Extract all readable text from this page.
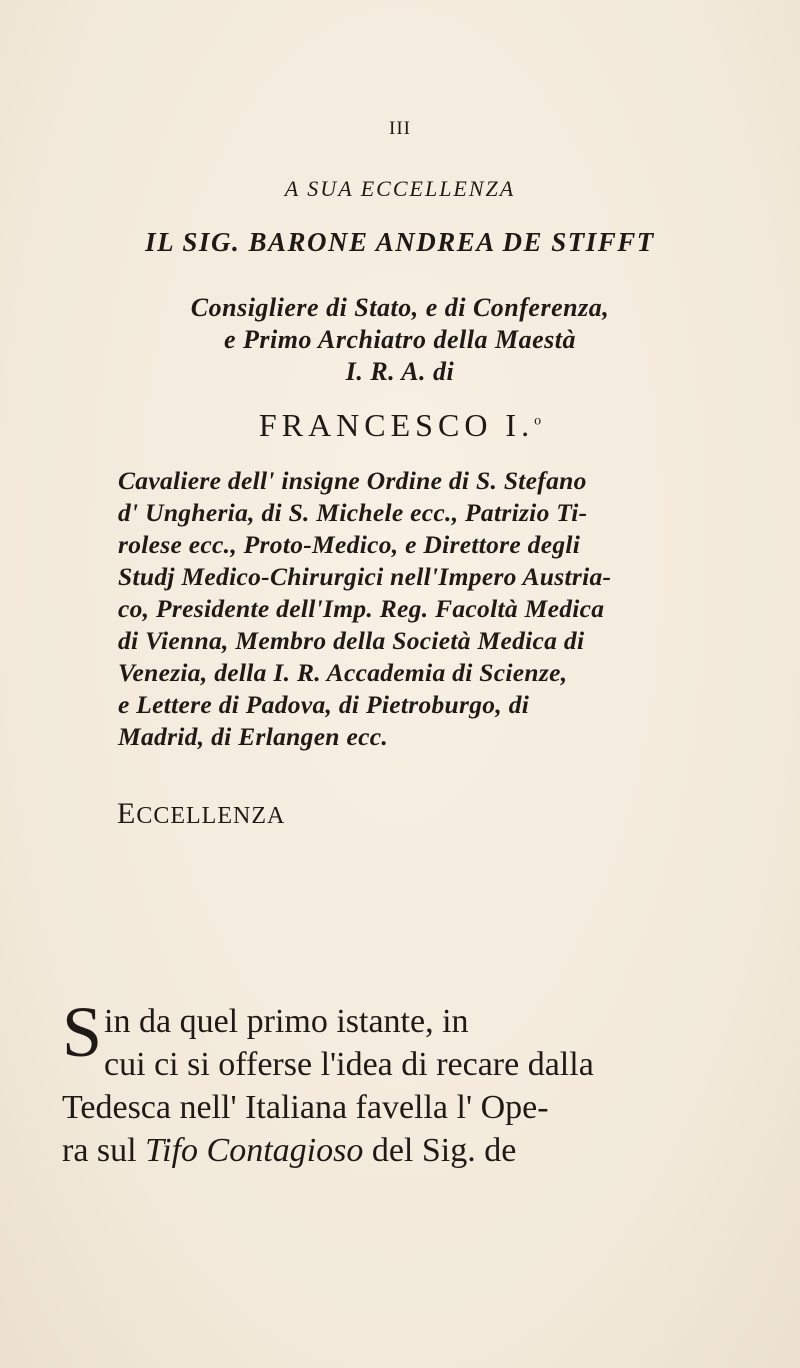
III
A SUA ECCELLENZA
IL SIG. BARONE ANDREA DE STIFFT
Consigliere di Stato, e di Conferenza,
e Primo Archiatro della Maestà
I. R. A. di
FRANCESCO I.$^o$
Cavaliere dell' insigne Ordine di S. Stefano
d' Ungheria, di S. Michele ecc., Patrizio Ti-
rolese ecc., Proto-Medico, e Direttore degli
Studj Medico-Chirurgici nell'Impero Austria-
co, Presidente dell'Imp. Reg. Facoltà Medica
di Vienna, Membro della Società Medica di
Venezia, della I. R. Accademia di Scienze,
e Lettere di Padova, di Pietroburgo, di
Madrid, di Erlangen ecc.
ECCELLENZA
S in da quel primo istante, in
cui ci si offerse l'idea di recare dalla
Tedesca nell' Italiana favella l' Ope-
ra sul Tifo Contagioso del Sig. de
